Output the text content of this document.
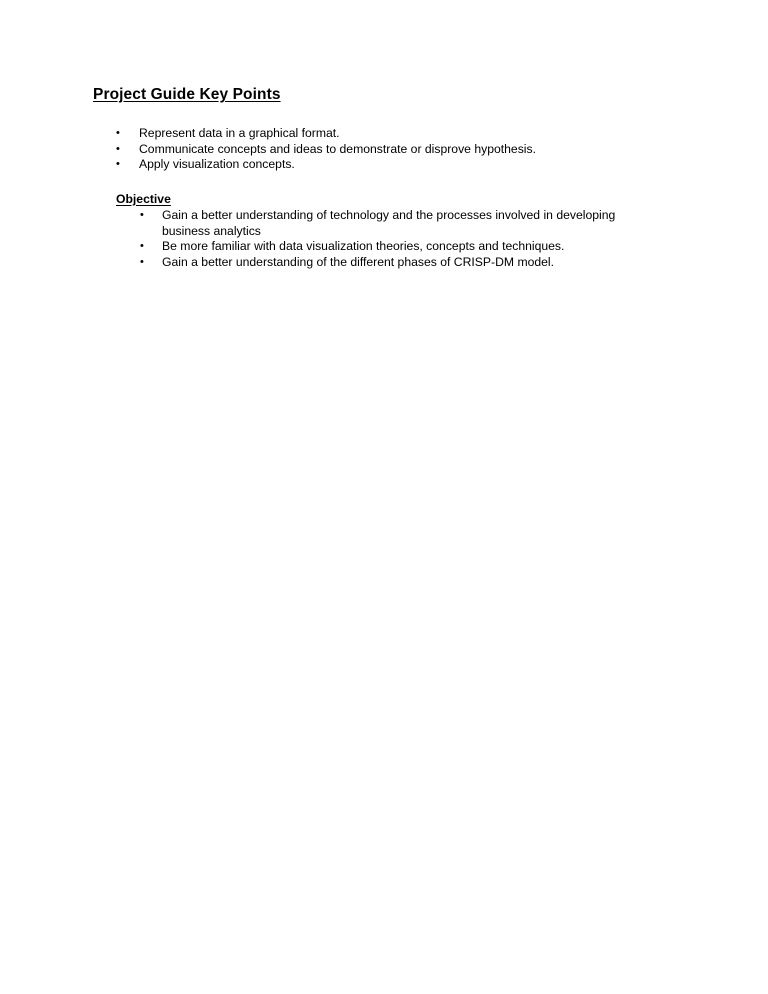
Project Guide Key Points
• Represent data in a graphical format.
• Communicate concepts and ideas to demonstrate or disprove hypothesis.
• Apply visualization concepts.
Objective
• Gain a better understanding of technology and the processes involved in developing business analytics
• Be more familiar with data visualization theories, concepts and techniques.
• Gain a better understanding of the different phases of CRISP-DM model.
